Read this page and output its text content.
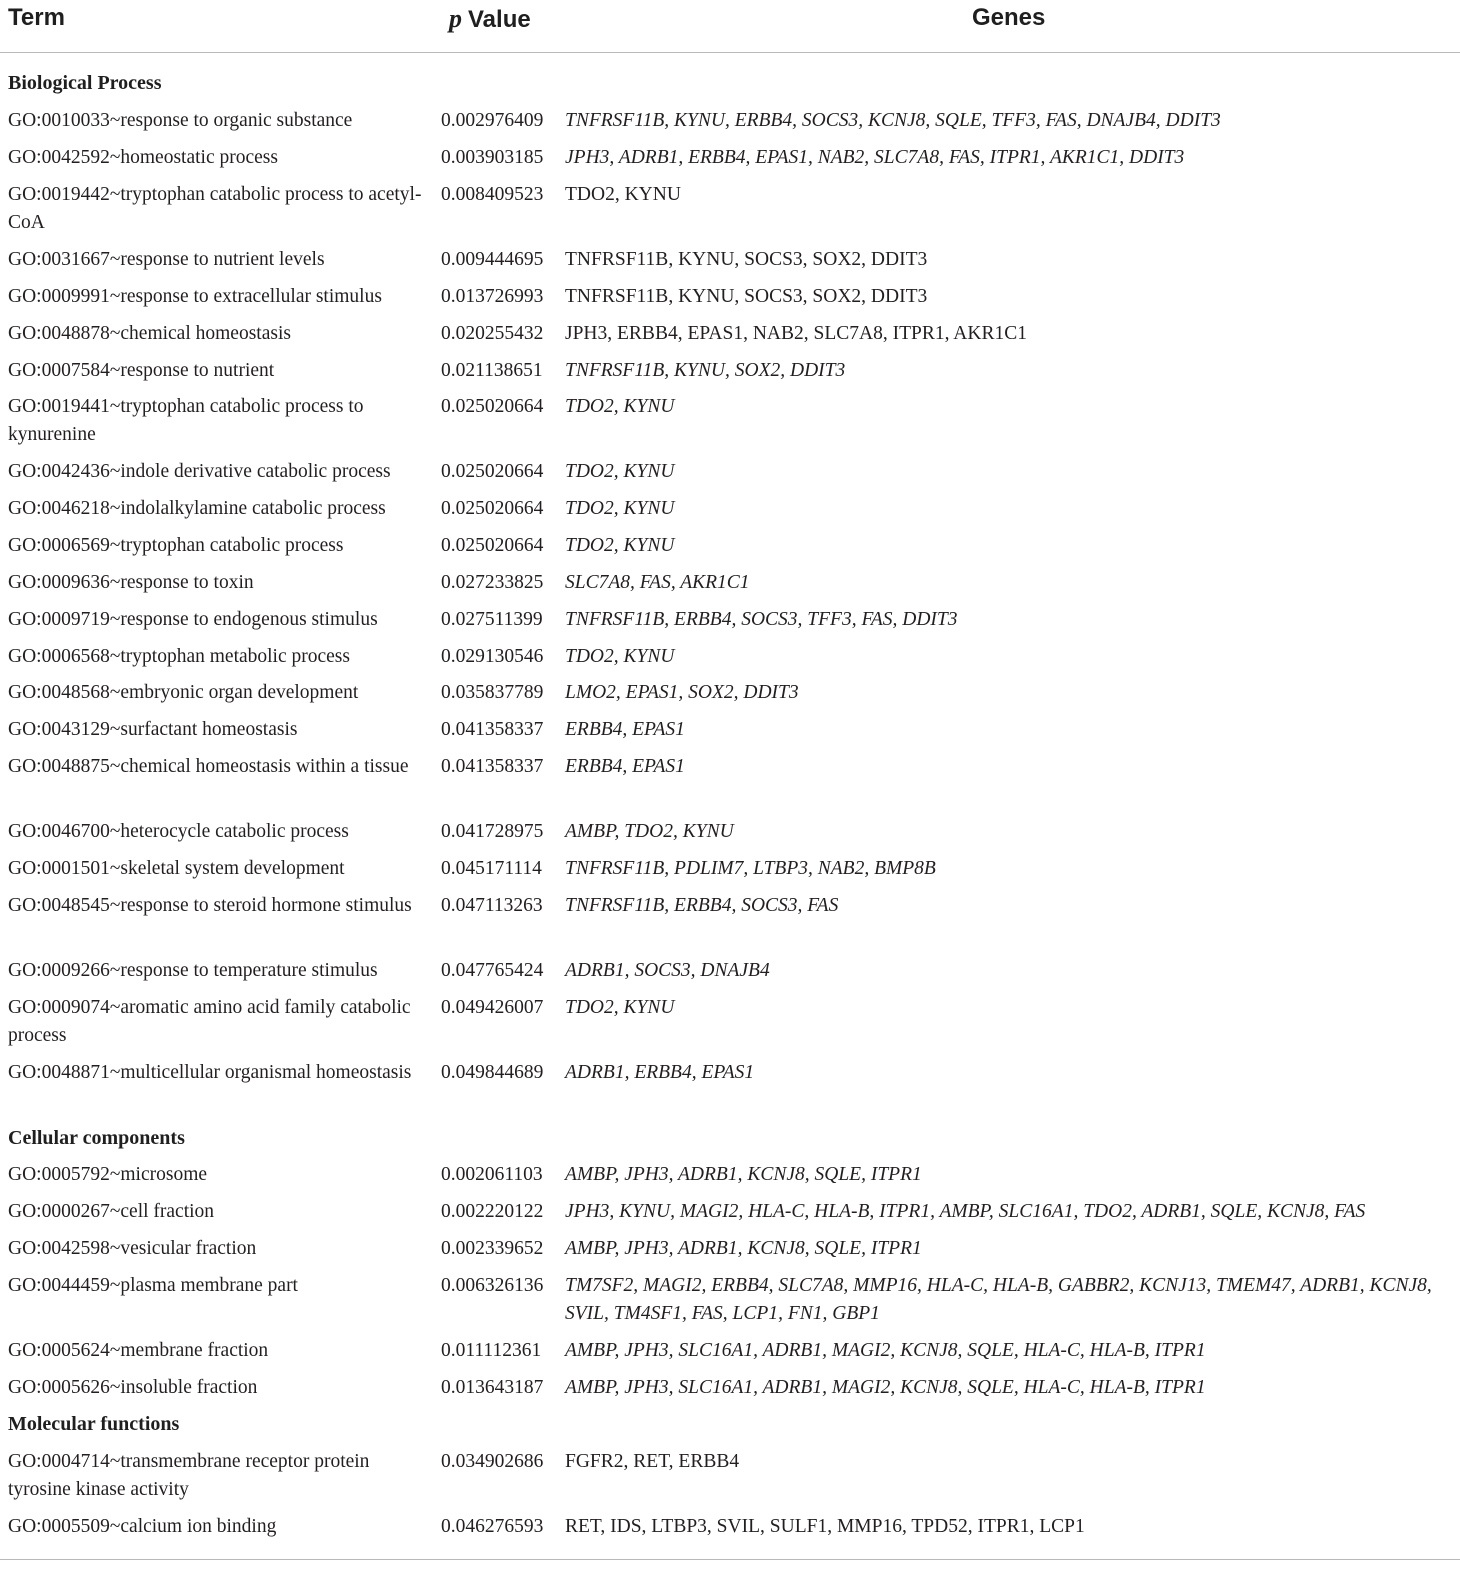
Term	p Value	Genes
Biological Process
GO:0010033~response to organic substance	0.002976409	TNFRSF11B, KYNU, ERBB4, SOCS3, KCNJ8, SQLE, TFF3, FAS, DNAJB4, DDIT3
GO:0042592~homeostatic process	0.003903185	JPH3, ADRB1, ERBB4, EPAS1, NAB2, SLC7A8, FAS, ITPR1, AKR1C1, DDIT3
GO:0019442~tryptophan catabolic process to acetyl-CoA
0.008409523	TDO2, KYNU
GO:0031667~response to nutrient levels	0.009444695	TNFRSF11B, KYNU, SOCS3, SOX2, DDIT3
GO:0009991~response to extracellular stimulus	0.013726993	TNFRSF11B, KYNU, SOCS3, SOX2, DDIT3
GO:0048878~chemical homeostasis	0.020255432	JPH3, ERBB4, EPAS1, NAB2, SLC7A8, ITPR1, AKR1C1
GO:0007584~response to nutrient	0.021138651	TNFRSF11B, KYNU, SOX2, DDIT3
GO:0019441~tryptophan catabolic process to kynurenine
0.025020664	TDO2, KYNU
GO:0042436~indole derivative catabolic process	0.025020664	TDO2, KYNU
GO:0046218~indolalkylamine catabolic process	0.025020664	TDO2, KYNU
GO:0006569~tryptophan catabolic process	0.025020664	TDO2, KYNU
GO:0009636~response to toxin	0.027233825	SLC7A8, FAS, AKR1C1
GO:0009719~response to endogenous stimulus	0.027511399	TNFRSF11B, ERBB4, SOCS3, TFF3, FAS, DDIT3
GO:0006568~tryptophan metabolic process	0.029130546	TDO2, KYNU
GO:0048568~embryonic organ development	0.035837789	LMO2, EPAS1, SOX2, DDIT3
GO:0043129~surfactant homeostasis	0.041358337	ERBB4, EPAS1
GO:0048875~chemical homeostasis within a tissue	0.041358337	ERBB4, EPAS1
GO:0046700~heterocycle catabolic process	0.041728975	AMBP, TDO2, KYNU
GO:0001501~skeletal system development	0.045171114	TNFRSF11B, PDLIM7, LTBP3, NAB2, BMP8B
GO:0048545~response to steroid hormone stimulus	0.047113263	TNFRSF11B, ERBB4, SOCS3, FAS
GO:0009266~response to temperature stimulus	0.047765424	ADRB1, SOCS3, DNAJB4
GO:0009074~aromatic amino acid family catabolic process
0.049426007	TDO2, KYNU
GO:0048871~multicellular organismal homeostasis	0.049844689	ADRB1, ERBB4, EPAS1
Cellular components
GO:0005792~microsome	0.002061103	AMBP, JPH3, ADRB1, KCNJ8, SQLE, ITPR1
GO:0000267~cell fraction	0.002220122	JPH3, KYNU, MAGI2, HLA-C, HLA-B, ITPR1, AMBP, SLC16A1, TDO2, ADRB1, SQLE, KCNJ8, FAS
GO:0042598~vesicular fraction	0.002339652	AMBP, JPH3, ADRB1, KCNJ8, SQLE, ITPR1
GO:0044459~plasma membrane part	0.006326136	TM7SF2, MAGI2, ERBB4, SLC7A8, MMP16, HLA-C, HLA-B, GABBR2, KCNJ13, TMEM47, ADRB1, KCNJ8, SVIL, TM4SF1, FAS, LCP1, FN1, GBP1
GO:0005624~membrane fraction	0.011112361	AMBP, JPH3, SLC16A1, ADRB1, MAGI2, KCNJ8, SQLE, HLA-C, HLA-B, ITPR1
GO:0005626~insoluble fraction	0.013643187	AMBP, JPH3, SLC16A1, ADRB1, MAGI2, KCNJ8, SQLE, HLA-C, HLA-B, ITPR1
Molecular functions
GO:0004714~transmembrane receptor protein tyrosine kinase activity
0.034902686	FGFR2, RET, ERBB4
GO:0005509~calcium ion binding	0.046276593	RET, IDS, LTBP3, SVIL, SULF1, MMP16, TPD52, ITPR1, LCP1
